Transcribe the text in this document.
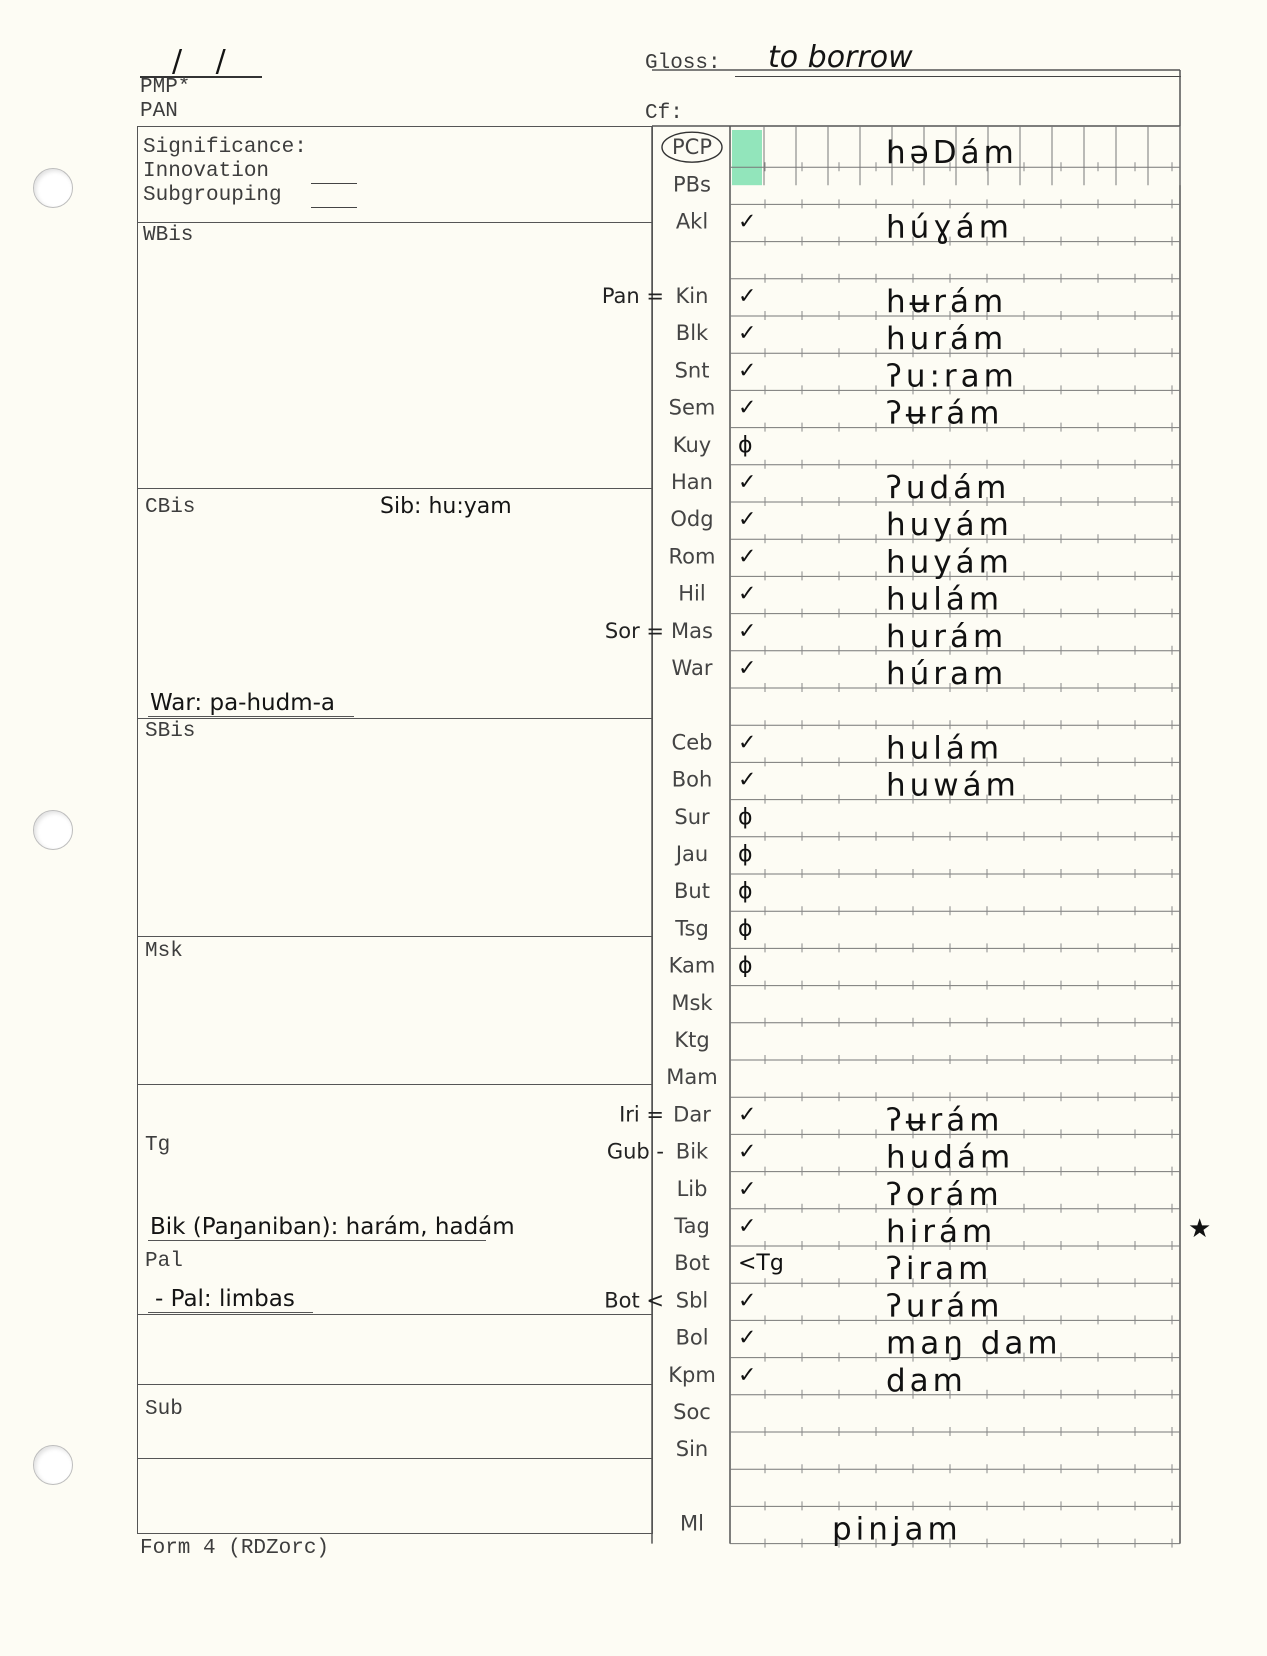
/ /
PMP*
PAN
Gloss: to borrow
Cf:
Significance:
Innovation
Subgrouping
WBis
CBis	Sib: hu:yam
War: pa-hudm-a
SBis
Msk
Tg
Bik (Paŋaniban): harám, hadám
Pal
- Pal: limbas
Sub
Form 4 (RDZorc)
PCP	hǝDám
PBs
Akl ✓	húɣám
Pan = Kin ✓	hʉrám
Blk ✓	hurám
Snt ✓	ʔu:ram
Sem ✓	ʔʉrám
Kuy ϕ
Han ✓	ʔudám
Odg ✓	huyám
Rom ✓	huyám
Hil ✓	hulám
Sor = Mas ✓	hurám
War ✓	húram
Ceb ✓	hulám
Boh ✓	huwám
Sur ϕ
Jau ϕ
But ϕ
Tsg ϕ
Kam ϕ
Msk
Ktg
Mam
Iri = Dar ✓	ʔʉrám
Gub - Bik ✓	hudám
Lib ✓	ʔorám
Tag ✓	hirám	★
Bot <Tg	ʔiram
Bot < Sbl ✓	ʔurám
Bol ✓	maŋ dam
Kpm ✓	dam
Soc
Sin
Ml	pinjam
